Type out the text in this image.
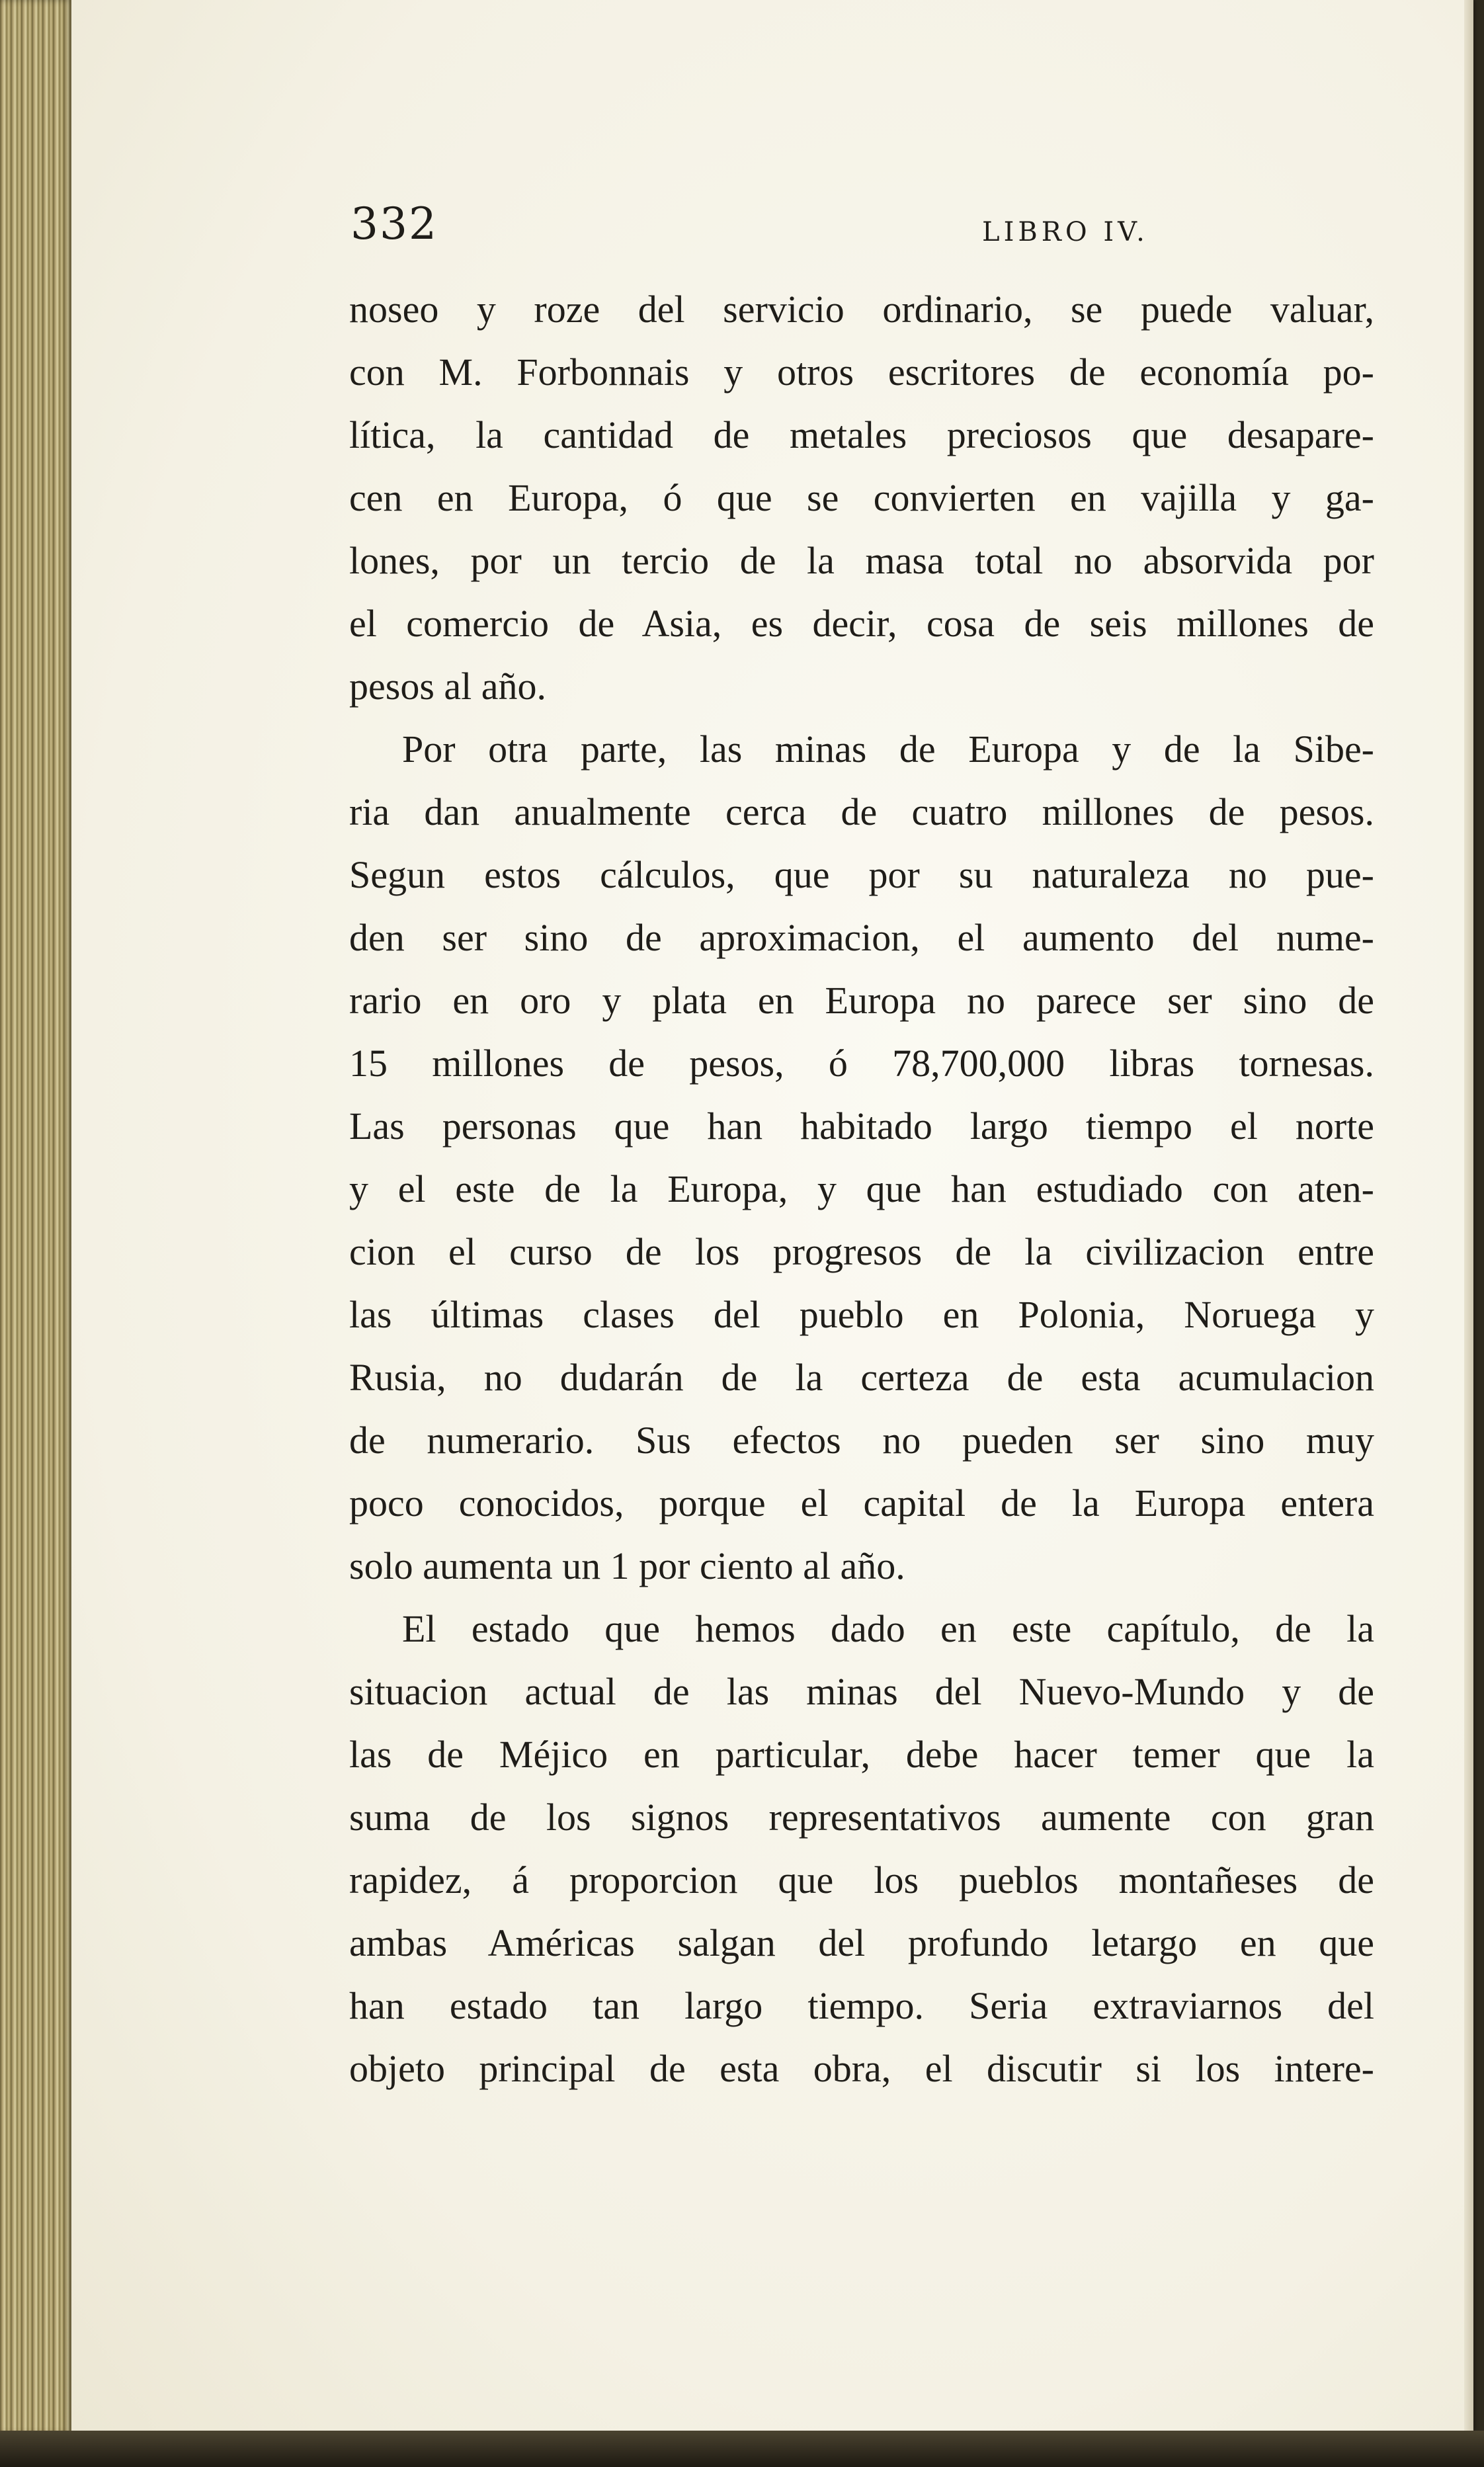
332	LIBRO IV.
noseo y roze del servicio ordinario, se puede valuar,
con M. Forbonnais y otros escritores de economía po-
lítica, la cantidad de metales preciosos que desapare-
cen en Europa, ó que se convierten en vajilla y ga-
lones, por un tercio de la masa total no absorvida por
el comercio de Asia, es decir, cosa de seis millones de
pesos al año.
Por otra parte, las minas de Europa y de la Sibe-
ria dan anualmente cerca de cuatro millones de pesos.
Segun estos cálculos, que por su naturaleza no pue-
den ser sino de aproximacion, el aumento del nume-
rario en oro y plata en Europa no parece ser sino de
15 millones de pesos, ó 78,700,000 libras tornesas.
Las personas que han habitado largo tiempo el norte
y el este de la Europa, y que han estudiado con aten-
cion el curso de los progresos de la civilizacion entre
las últimas clases del pueblo en Polonia, Noruega y
Rusia, no dudarán de la certeza de esta acumulacion
de numerario. Sus efectos no pueden ser sino muy
poco conocidos, porque el capital de la Europa entera
solo aumenta un 1 por ciento al año.
El estado que hemos dado en este capítulo, de la
situacion actual de las minas del Nuevo-Mundo y de
las de Méjico en particular, debe hacer temer que la
suma de los signos representativos aumente con gran
rapidez, á proporcion que los pueblos montañeses de
ambas Américas salgan del profundo letargo en que
han estado tan largo tiempo. Seria extraviarnos del
objeto principal de esta obra, el discutir si los intere-
